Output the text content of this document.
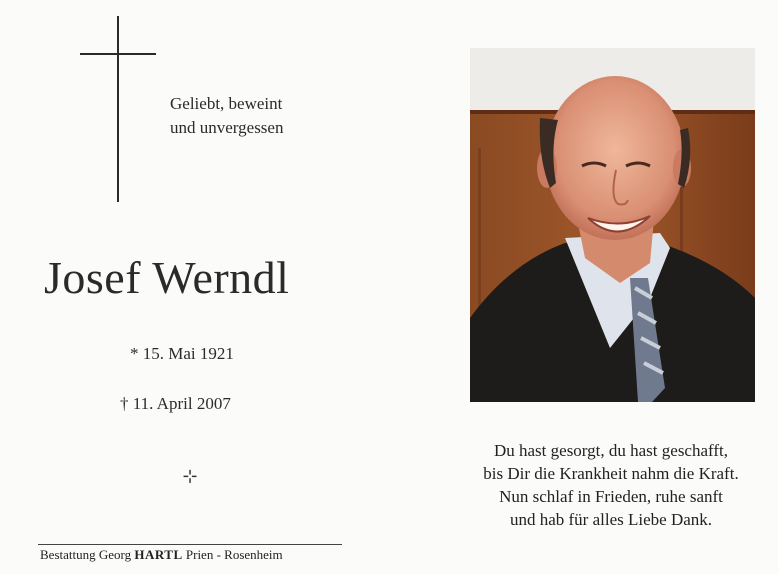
Geliebt, beweint
und unvergessen
Josef Werndl
* 15. Mai 1921
† 11. April 2007
⊹
Bestattung Georg HARTL Prien - Rosenheim
Du hast gesorgt, du hast geschafft,
bis Dir die Krankheit nahm die Kraft.
Nun schlaf in Frieden, ruhe sanft
und hab für alles Liebe Dank.
